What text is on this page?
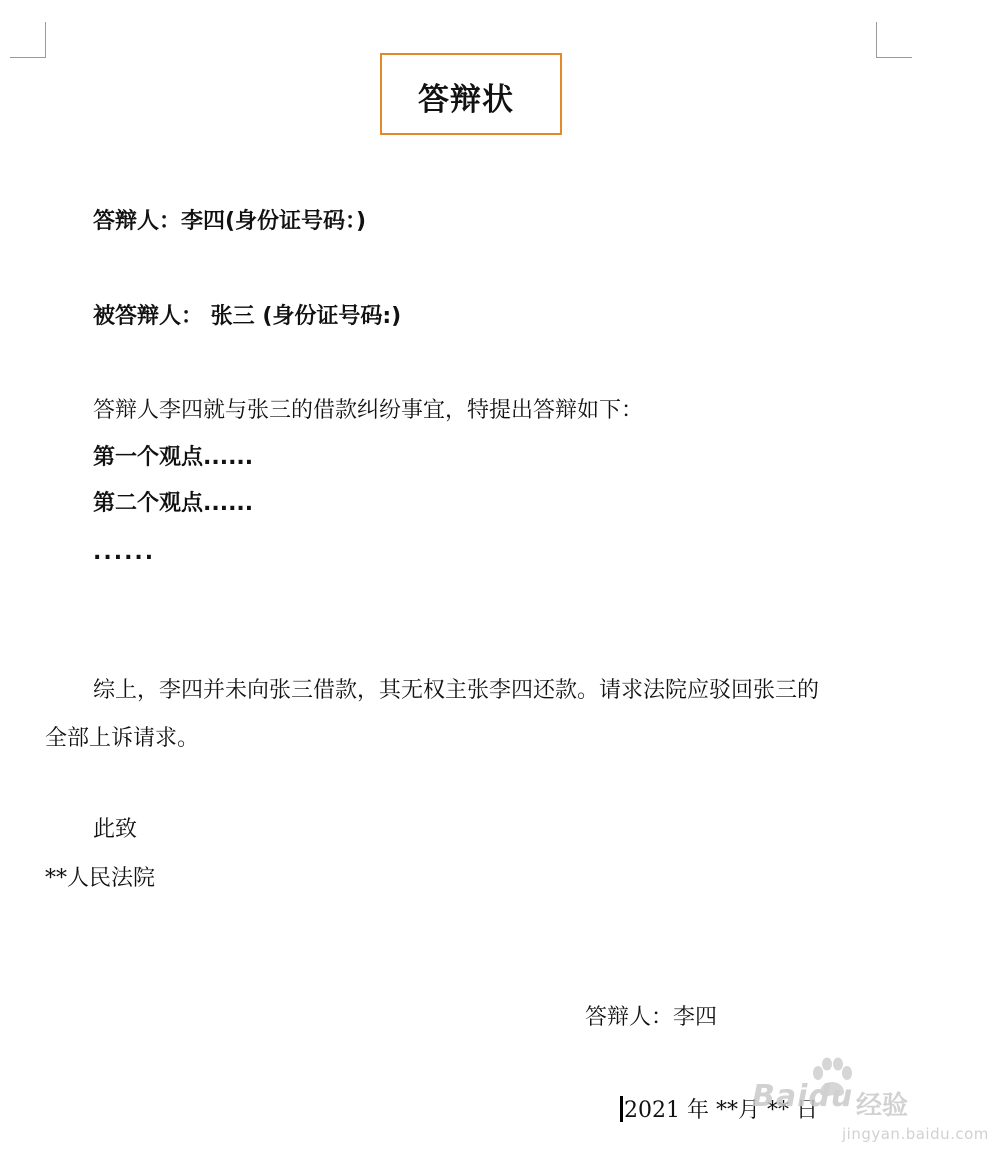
答辩状
答辩人：李四(身份证号码：)
被答辩人： 张三 (身份证号码:)
答辩人李四就与张三的借款纠纷事宜，特提出答辩如下：
第一个观点......
第二个观点......
......
综上，李四并未向张三借款，其无权主张李四还款。请求法院应驳回张三的
全部上诉请求。
此致
**人民法院
答辩人：李四
2021 年 **月 ** 日
Baidu 经验
jingyan.baidu.com
